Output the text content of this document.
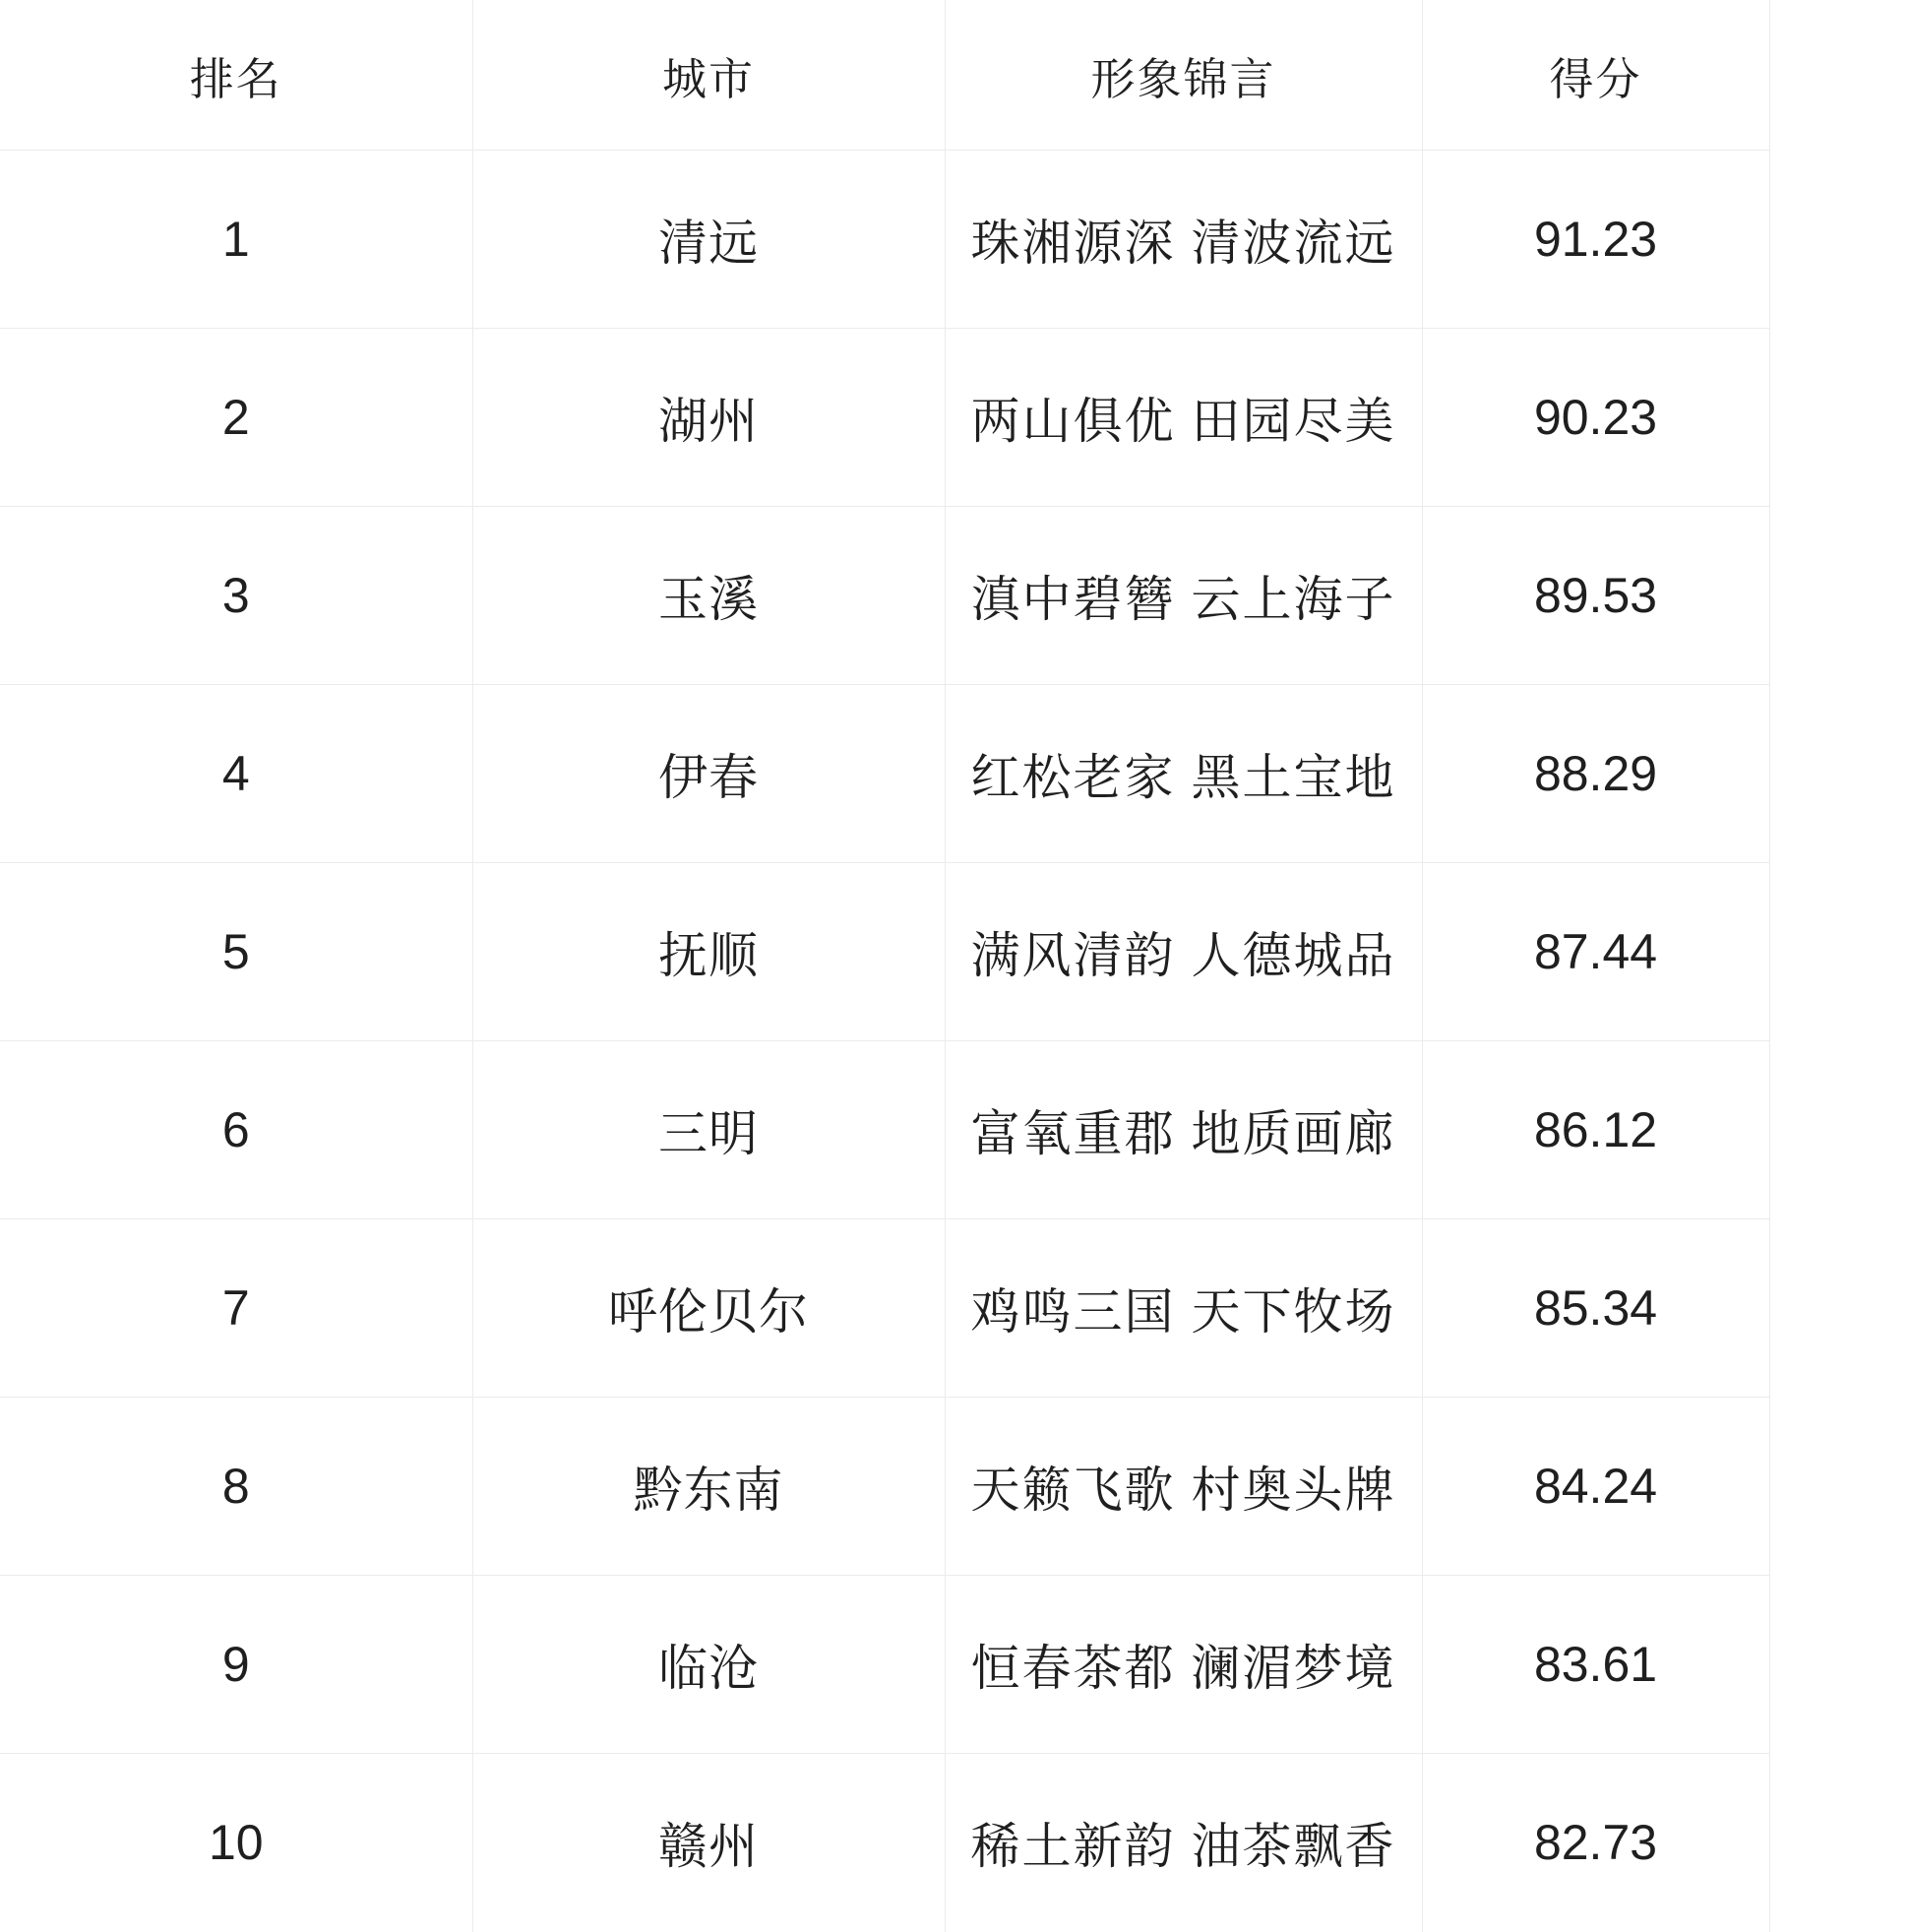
排名	城市	形象锦言	得分
1	清远	珠湘源深 清波流远	91.23
2	湖州	两山俱优 田园尽美	90.23
3	玉溪	滇中碧簪 云上海子	89.53
4	伊春	红松老家 黑土宝地	88.29
5	抚顺	满风清韵 人德城品	87.44
6	三明	富氧重郡 地质画廊	86.12
7	呼伦贝尔	鸡鸣三国 天下牧场	85.34
8	黔东南	天籁飞歌 村奥头牌	84.24
9	临沧	恒春茶都 澜湄梦境	83.61
10	赣州	稀土新韵 油茶飘香	82.73
